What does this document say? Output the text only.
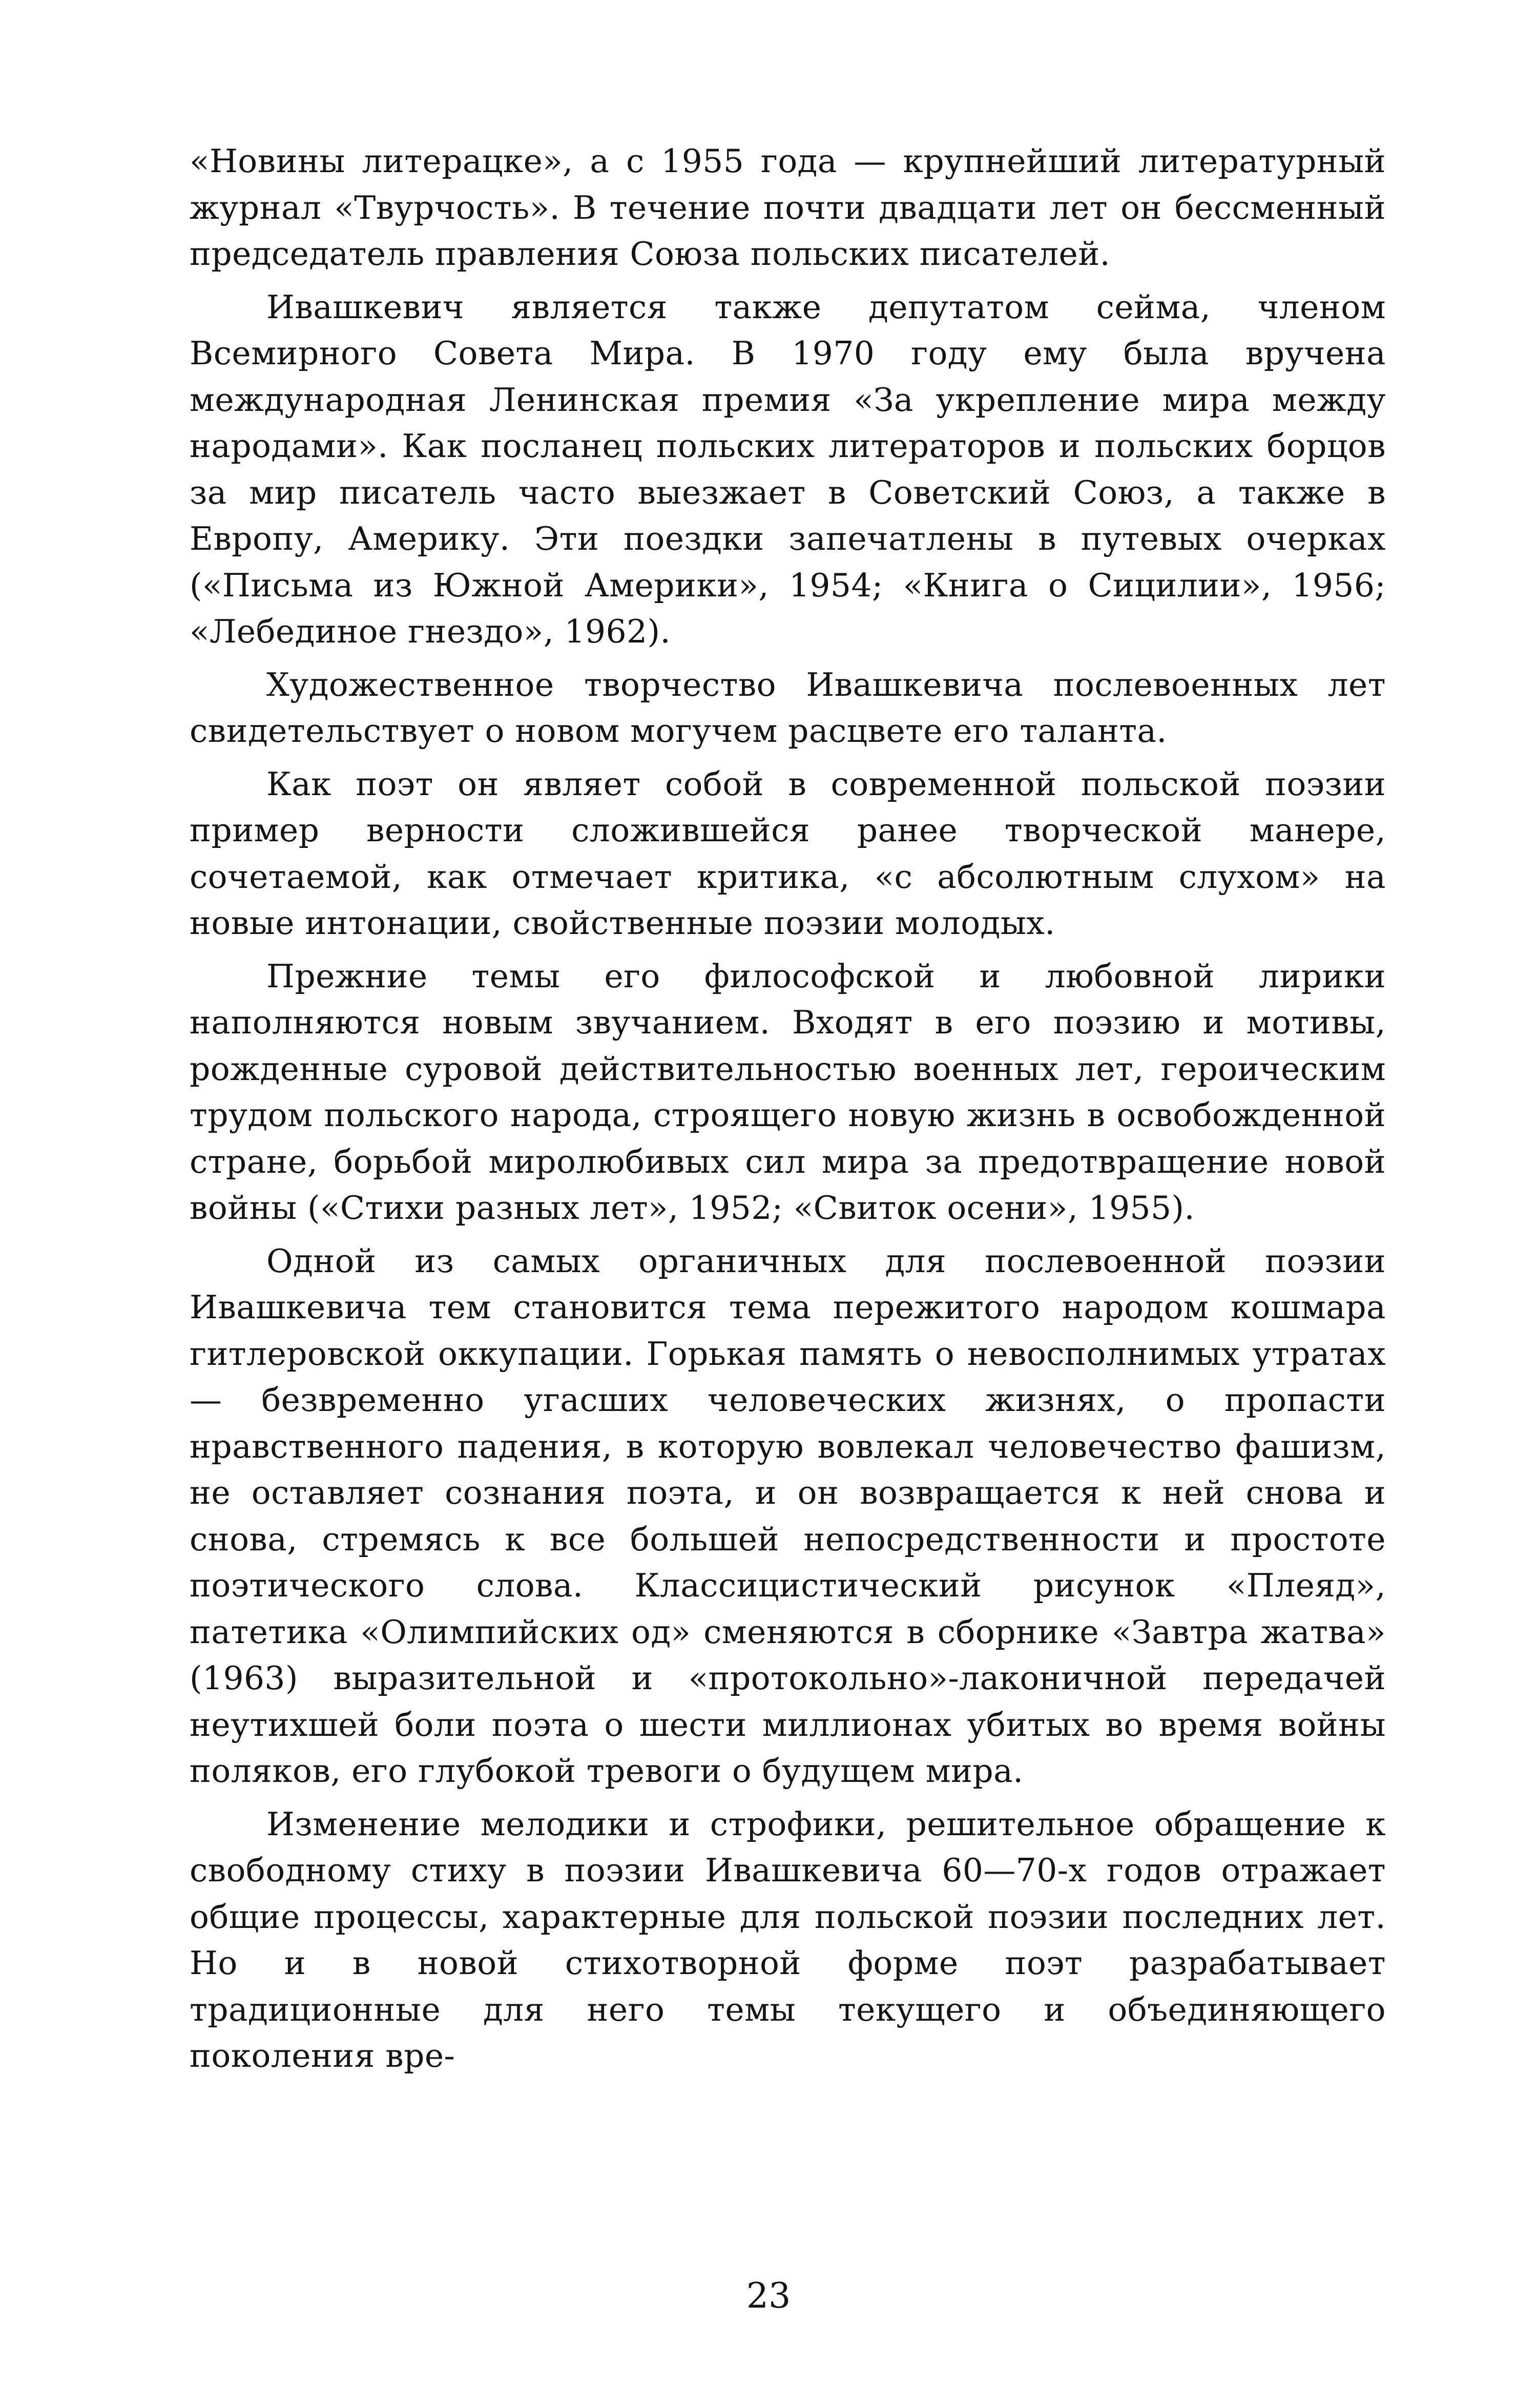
«Новины литерацке», а с 1955 года — крупнейший литературный журнал «Твурчость». В течение почти двадцати лет он бессменный председатель правления Союза польских писателей.

Ивашкевич является также депутатом сейма, членом Всемирного Совета Мира. В 1970 году ему была вручена международная Ленинская премия «За укрепление мира между народами». Как посланец польских литераторов и польских борцов за мир писатель часто выезжает в Советский Союз, а также в Европу, Америку. Эти поездки запечатлены в путевых очерках («Письма из Южной Америки», 1954; «Книга о Сицилии», 1956; «Лебединое гнездо», 1962).

Художественное творчество Ивашкевича послевоенных лет свидетельствует о новом могучем расцвете его таланта.

Как поэт он являет собой в современной польской поэзии пример верности сложившейся ранее творческой манере, сочетаемой, как отмечает критика, «с абсолютным слухом» на новые интонации, свойственные поэзии молодых.

Прежние темы его философской и любовной лирики наполняются новым звучанием. Входят в его поэзию и мотивы, рожденные суровой действительностью военных лет, героическим трудом польского народа, строящего новую жизнь в освобожденной стране, борьбой миролюбивых сил мира за предотвращение новой войны («Стихи разных лет», 1952; «Свиток осени», 1955).

Одной из самых органичных для послевоенной поэзии Ивашкевича тем становится тема пережитого народом кошмара гитлеровской оккупации. Горькая память о невосполнимых утратах — безвременно угасших человеческих жизнях, о пропасти нравственного падения, в которую вовлекал человечество фашизм, не оставляет сознания поэта, и он возвращается к ней снова и снова, стремясь к все большей непосредственности и простоте поэтического слова. Классицистический рисунок «Плеяд», патетика «Олимпийских од» сменяются в сборнике «Завтра жатва» (1963) выразительной и «протокольно»-лаконичной передачей неутихшей боли поэта о шести миллионах убитых во время войны поляков, его глубокой тревоги о будущем мира.

Изменение мелодики и строфики, решительное обращение к свободному стиху в поэзии Ивашкевича 60—70-х годов отражает общие процессы, характерные для польской поэзии последних лет. Но и в новой стихотворной форме поэт разрабатывает традиционные для него темы текущего и объединяющего поколения вре-

23
